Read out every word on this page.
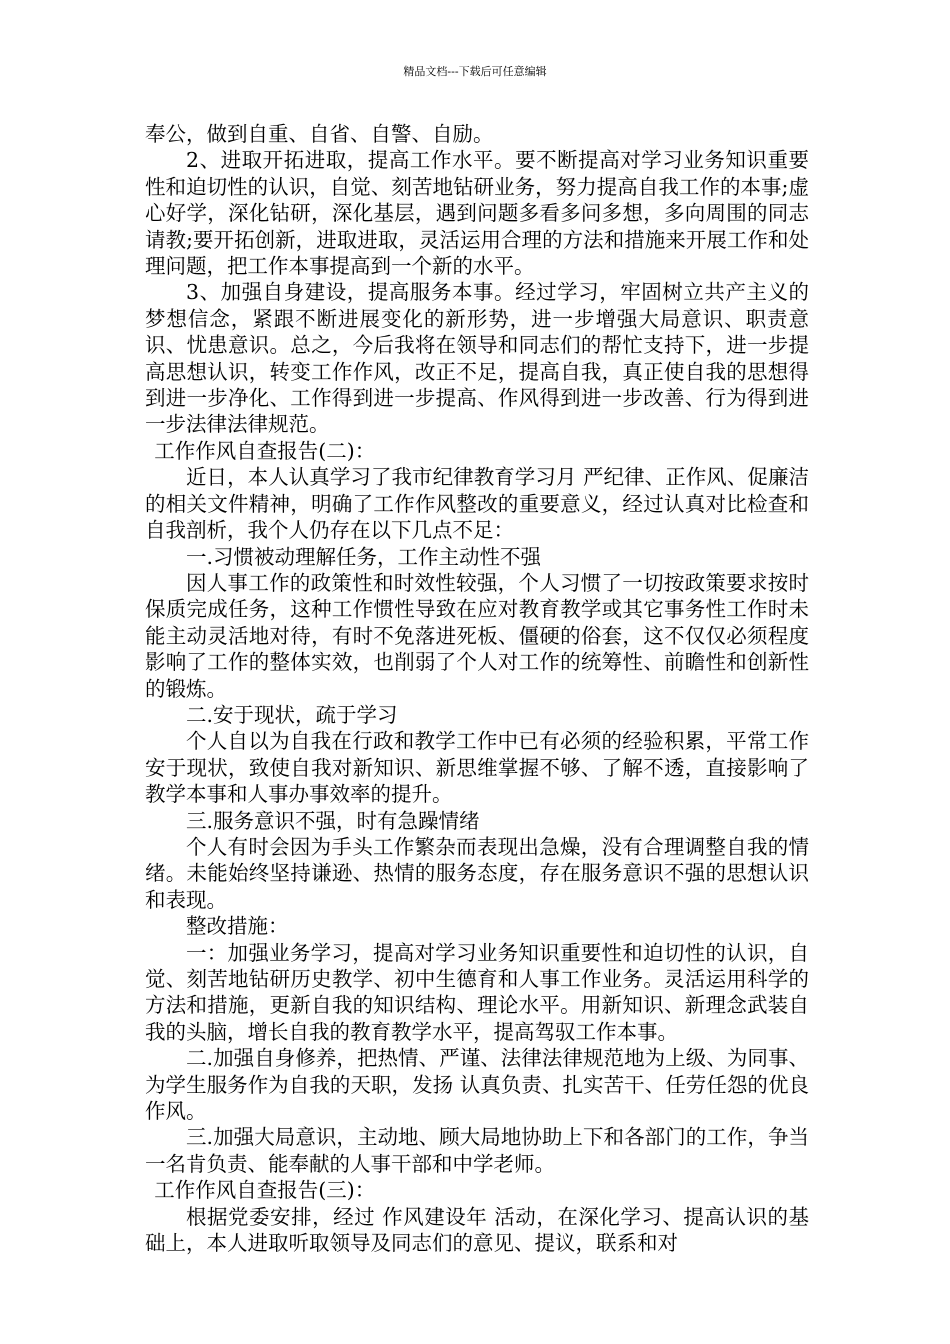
精品文档---下载后可任意编辑

奉公，做到自重、自省、自警、自励。

2、进取开拓进取，提高工作水平。要不断提高对学习业务知识重要性和迫切性的认识，自觉、刻苦地钻研业务，努力提高自我工作的本事;虚心好学，深化钻研，深化基层，遇到问题多看多问多想，多向周围的同志请教;要开拓创新，进取进取，灵活运用合理的方法和措施来开展工作和处理问题，把工作本事提高到一个新的水平。

3、加强自身建设，提高服务本事。经过学习，牢固树立共产主义的梦想信念，紧跟不断进展变化的新形势，进一步增强大局意识、职责意识、忧患意识。总之，今后我将在领导和同志们的帮忙支持下，进一步提高思想认识，转变工作作风，改正不足，提高自我，真正使自我的思想得到进一步净化、工作得到进一步提高、作风得到进一步改善、行为得到进一步法律法律规范。

工作作风自查报告(二)：

近日，本人认真学习了我市纪律教育学习月 严纪律、正作风、促廉洁 的相关文件精神，明确了工作作风整改的重要意义，经过认真对比检查和自我剖析，我个人仍存在以下几点不足：

一.习惯被动理解任务，工作主动性不强

因人事工作的政策性和时效性较强，个人习惯了一切按政策要求按时保质完成任务，这种工作惯性导致在应对教育教学或其它事务性工作时未能主动灵活地对待，有时不免落进死板、僵硬的俗套，这不仅仅必须程度影响了工作的整体实效，也削弱了个人对工作的统筹性、前瞻性和创新性的锻炼。

二.安于现状，疏于学习

个人自以为自我在行政和教学工作中已有必须的经验积累，平常工作安于现状，致使自我对新知识、新思维掌握不够、了解不透，直接影响了教学本事和人事办事效率的提升。

三.服务意识不强，时有急躁情绪

个人有时会因为手头工作繁杂而表现出急燥，没有合理调整自我的情绪。未能始终坚持谦逊、热情的服务态度，存在服务意识不强的思想认识和表现。

整改措施：

一：加强业务学习，提高对学习业务知识重要性和迫切性的认识，自觉、刻苦地钻研历史教学、初中生德育和人事工作业务。灵活运用科学的方法和措施，更新自我的知识结构、理论水平。用新知识、新理念武装自我的头脑，增长自我的教育教学水平，提高驾驭工作本事。

二.加强自身修养，把热情、严谨、法律法律规范地为上级、为同事、为学生服务作为自我的天职，发扬 认真负责、扎实苦干、任劳任怨的优良作风。

三.加强大局意识，主动地、顾大局地协助上下和各部门的工作，争当一名肯负责、能奉献的人事干部和中学老师。

工作作风自查报告(三)：

根据党委安排，经过 作风建设年 活动，在深化学习、提高认识的基础上，本人进取听取领导及同志们的意见、提议，联系和对
